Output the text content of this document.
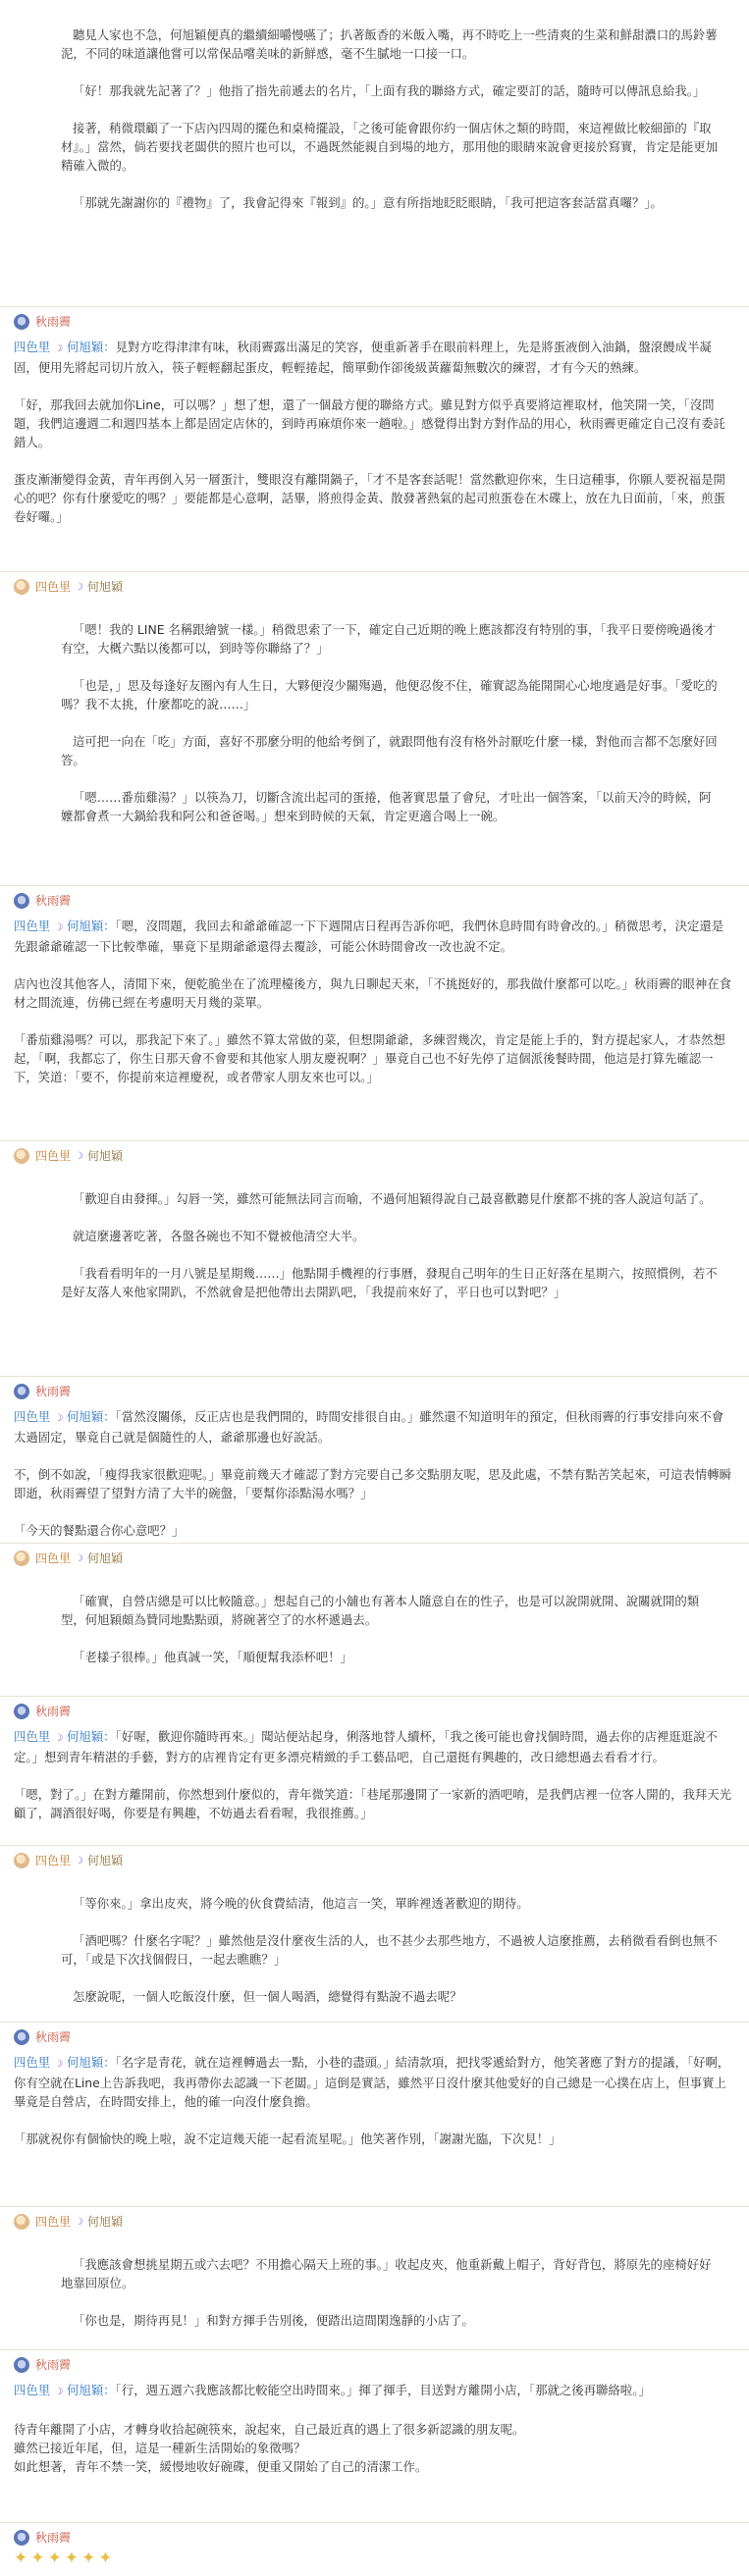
聽見人家也不急，何旭穎便真的繼續細嚼慢嚥了；扒著飯香的米飯入嘴，再不時吃上一些清爽的生菜和鮮甜濃口的馬鈴薯泥，不同的味道讓他嘗可以常保品嚐美味的新鮮感，毫不生膩地一口接一口。

「好！那我就先記著了？」他指了指先前遞去的名片，「上面有我的聯絡方式，確定要訂的話，隨時可以傳訊息給我。」

接著，稍微環顧了一下店內四周的擺色和桌椅擺設，「之後可能會跟你約一個店休之類的時間，來這裡做比較細節的『取材』。」當然，倘若要找老闆供的照片也可以，不過既然能親自到場的地方，那用他的眼睛來說會更接於寫實，肯定是能更加精確入微的。

「那就先謝謝你的『禮物』了，我會記得來『報到』的。」意有所指地眨眨眼睛，「我可把這客套話當真囉？」。

秋雨霽

四色里 ☽ 何旭穎：見對方吃得津津有味，秋雨霽露出滿足的笑容，便重新著手在眼前料理上，先是將蛋液倒入油鍋，盤滾饅成半凝固，便用先將起司切片放入，筷子輕輕翻起蛋皮，輕輕捲起，簡單動作卻後級黃蘿蔔無數次的練習，才有今天的熟練。

「好，那我回去就加你Line，可以嗎？」想了想，還了一個最方便的聯絡方式。雖見對方似乎真要將這裡取材，他笑開一笑，「沒問題，我們這邊週二和週四基本上都是固定店休的，到時再麻煩你來一趟啦。」感覺得出對方對作品的用心，秋雨霽更確定自己沒有委託錯人。

蛋皮漸漸變得金黃，青年再倒入另一層蛋汁，雙眼沒有離開鍋子，「才不是客套話呢！當然歡迎你來，生日這種事，你願人要祝福是開心的吧？你有什麼愛吃的嗎？」要能都是心意啊，話畢，將煎得金黃、散發著熱氣的起司煎蛋卷在木碟上，放在九日面前，「來，煎蛋卷好囉。」

四色里 ☽ 何旭穎

「嗯！我的 LINE 名稱跟繪號一樣。」稍微思索了一下，確定自己近期的晚上應該都沒有特別的事，「我平日要傍晚過後才有空，大概六點以後都可以，到時等你聯絡了？」

「也是，」思及每逢好友圈內有人生日，大夥便沒少關殤過，他便忍俊不住，確實認為能開開心心地度過是好事。「愛吃的嗎？我不太挑，什麼都吃的說……」

這可把一向在「吃」方面，喜好不那麼分明的他給考倒了，就跟問他有沒有格外討厭吃什麼一樣，對他而言都不怎麼好回答。

「嗯……番茄雞湯？」以筷為刀，切斷含流出起司的蛋捲，他著實思量了會兒，才吐出一個答案，「以前天冷的時候，阿嬤都會煮一大鍋給我和阿公和爸爸喝。」想來到時候的天氣，肯定更適合喝上一碗。

秋雨霽

四色里 ☽ 何旭穎：「嗯，沒問題，我回去和爺爺確認一下下週開店日程再告訴你吧，我們休息時間有時會改的。」稍微思考，決定還是先跟爺爺確認一下比較準確，畢竟下星期爺爺還得去覆診，可能公休時間會改一改也說不定。

店內也沒其他客人，清閒下來，便乾脆坐在了流理檯後方，與九日聊起天來，「不挑挺好的，那我做什麼都可以吃。」秋雨霽的眼神在食材之間流連，仿佛已經在考慮明天月幾的菜單。

「番茄雞湯嗎？可以，那我記下來了。」雖然不算太常做的菜，但想開爺爺，多練習幾次，肯定是能上手的，對方提起家人，才恭然想起，「啊，我都忘了，你生日那天會不會要和其他家人朋友慶祝啊？」畢竟自己也不好先停了這個派後餐時間，他這是打算先確認一下，笑道：「要不，你提前來這裡慶祝，或者帶家人朋友來也可以。」

四色里 ☽ 何旭穎

「歡迎自由發揮。」勾唇一笑，雖然可能無法同言而喻，不過何旭穎得說自己最喜歡聽見什麼都不挑的客人說這句話了。

就這麼邊著吃著，各盤各碗也不知不覺被他清空大半。

「我看看明年的一月八號是星期幾……」他點開手機裡的行事曆，發現自己明年的生日正好落在星期六，按照慣例，若不是好友落人來他家開趴，不然就會是把他帶出去開趴吧，「我提前來好了，平日也可以對吧？」

秋雨霽

四色里 ☽ 何旭穎：「當然沒關係，反正店也是我們開的，時間安排很自由。」雖然還不知道明年的預定，但秋雨霽的行事安排向來不會太過固定，畢竟自己就是個隨性的人，爺爺那邊也好說話。

不，倒不如說，「瘦得我家很歡迎呢。」畢竟前幾天才確認了對方完要自己多交點朋友呢，思及此處，不禁有點苦笑起來，可這表情轉瞬即逝，秋雨霽望了望對方清了大半的碗盤，「要幫你添點湯水嗎？」

「今天的餐點還合你心意吧？」

四色里 ☽ 何旭穎

「確實，自營店總是可以比較隨意。」想起自己的小舖也有著本人隨意自在的性子，也是可以說開就開、說關就開的類型，何旭穎頗為贊同地點點頭，將碗著空了的水杯遞過去。

「老樣子很棒。」他真誠一笑，「順便幫我添杯吧！」

秋雨霽

四色里 ☽ 何旭穎：「好喔，歡迎你隨時再來。」聞站便站起身，俐落地替人續杯，「我之後可能也會找個時間，過去你的店裡逛逛說不定。」想到青年精湛的手藝，對方的店裡肯定有更多漂亮精緻的手工藝品吧，自己還挺有興趣的，改日總想過去看看才行。

「嗯，對了。」在對方離開前，你然想到什麼似的，青年微笑道：「巷尾那邊開了一家新的酒吧唷，是我們店裡一位客人開的，我拜天光顧了，調酒很好喝，你要是有興趣，不妨過去看看喔，我很推薦。」

四色里 ☽ 何旭穎

「等你來。」拿出皮夾，將今晚的伙食費結清，他這言一笑，單眸裡透著歡迎的期待。

「酒吧嗎？什麼名字呢？」雖然他是沒什麼夜生活的人，也不甚少去那些地方，不過被人這麼推薦，去稍微看看倒也無不可，「或是下次找個假日，一起去瞧瞧？」

怎麼說呢，一個人吃飯沒什麼，但一個人喝酒，總覺得有點說不過去呢？

秋雨霽

四色里 ☽ 何旭穎：「名字是青花，就在這裡轉過去一點，小巷的盡頭。」結清款項，把找零遞給對方，他笑著應了對方的提議，「好啊，你有空就在Line上告訴我吧，我再帶你去認識一下老闆。」這倒是實話，雖然平日沒什麼其他愛好的自己總是一心撲在店上，但事實上畢竟是自營店，在時間安排上，他的確一向沒什麼負擔。

「那就祝你有個愉快的晚上啦，說不定這幾天能一起看流星呢。」他笑著作別，「謝謝光臨，下次見！」

四色里 ☽ 何旭穎

「我應該會想挑星期五或六去吧？不用擔心隔天上班的事。」收起皮夾，他重新戴上帽子，背好背包，將原先的座椅好好地靠回原位。

「你也是，期待再見！」和對方揮手告別後，便踏出這間閑逸靜的小店了。

秋雨霽

四色里 ☽ 何旭穎：「行，週五週六我應該都比較能空出時間來。」揮了揮手，目送對方離開小店，「那就之後再聯絡啦。」

待青年離開了小店，才轉身收拾起碗筷來，說起來，自己最近真的遇上了很多新認識的朋友呢。

雖然已接近年尾，但，這是一種新生活開始的象徵嗎？

如此想著，青年不禁一笑，緩慢地收好碗碟，便重又開始了自己的清潔工作。

秋雨霽
✦✦✦✦✦✦
